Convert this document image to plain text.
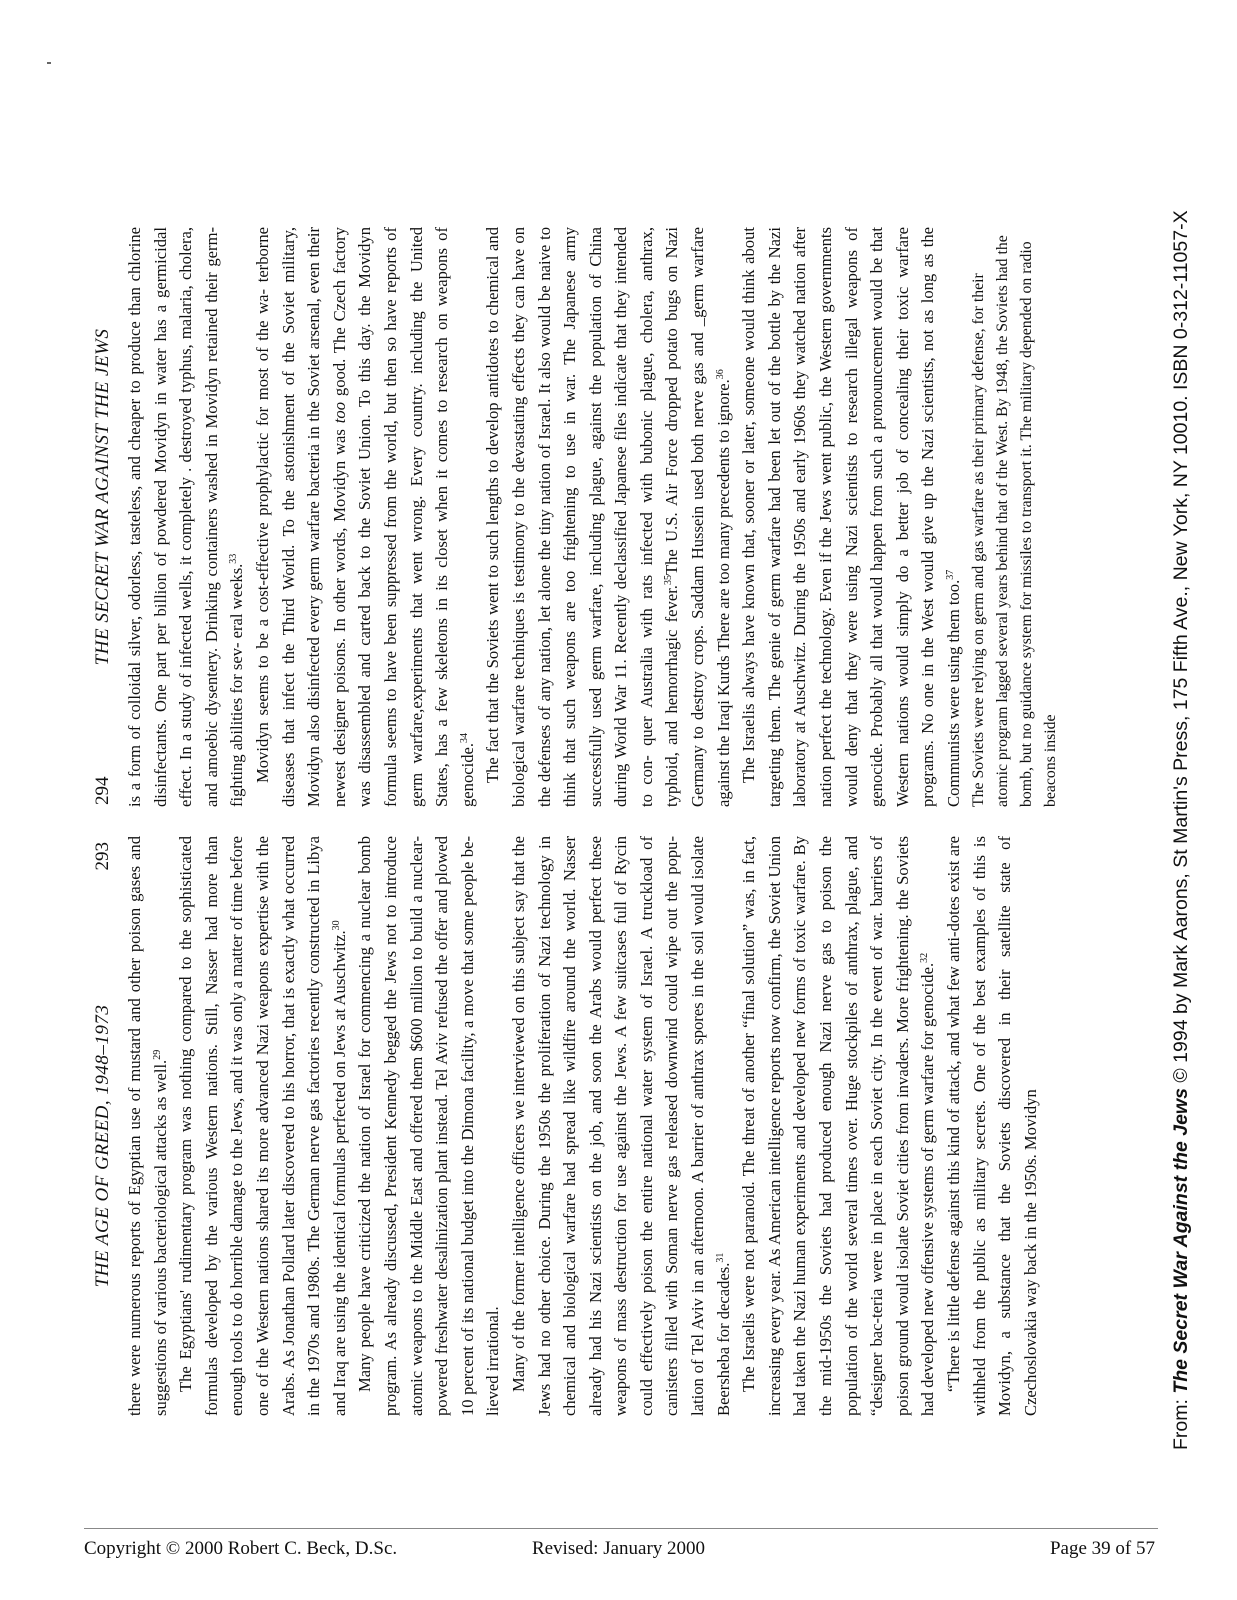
THE AGE OF GREED, 1948–1973
293 there were numerous reports of Egyptian use of mustard and other poison gases and suggestions of various bacteriological attacks as well.$^{29}$ The Egyptians' rudimentary program was nothing compared to the sophisticated formulas developed by the various Western nations. Still, Nasser had more than enough tools to do horrible damage to the Jews, and it was only a matter of time before one of the Western nations shared its more advanced Nazi weapons expertise with the Arabs. As Jonathan Pollard later discovered to his horror, that is exactly what occurred in the 1970s and 1980s. The German nerve gas factories recently constructed in Libya and Iraq are using the identical formulas perfected on Jews at Auschwitz.$^{30}$ Many people have criticized the nation of Israel for commencing a nuclear bomb program. As already discussed, President Kennedy begged the Jews not to introduce atomic weapons to the Middle East and offered them $600 million to build a nuclear-powered freshwater desalinization plant instead. Tel Aviv refused the offer and plowed 10 percent of its national budget into the Dimona facility, a move that some people be-lieved irrational. Many of the former intelligence officers we interviewed on this subject say that the Jews had no other choice. During the 1950s the proliferation of Nazi technology in chemical and biological warfare had spread like wildfire around the world. Nasser already had his Nazi scientists on the job, and soon the Arabs would perfect these weapons of mass destruction for use against the Jews. A few suitcases full of Rycin could effectively poison the entire national water system of Israel. A truckload of canisters filled with Soman nerve gas released downwind could wipe out the popu-lation of Tel Aviv in an afternoon. A barrier of anthrax spores in the soil would isolate Beersheba for decades.$^{31}$ The Israelis were not paranoid. The threat of another “final solution” was, in fact, increasing every year. As American intelligence reports now confirm, the Soviet Union had taken the Nazi human experiments and developed new forms of toxic warfare. By the mid-1950s the Soviets had produced enough Nazi nerve gas to poison the population of the world several times over. Huge stockpiles of anthrax, plague, and “designer bac-teria were in place in each Soviet city. In the event of war. barriers of poison ground would isolate Soviet cities from invaders. More frightening. the Soviets had developed new offensive systems of germ warfare for genocide.$^{32}$ “There is little defense against this kind of attack, and what few anti-dotes exist are withheld from the public as military secrets. One of the best examples of this is Movidyn, a substance that the Soviets discovered in their satellite state of Czechoslovakia way back in the 1950s. Movidyn

294
THE SECRET WAR AGAINST THE JEWS is a form of colloidal silver, odorless, tasteless, and cheaper to produce than chlorine disinfectants. One part per billion of powdered Movidyn in water has a germicidal effect. In a study of infected wells, it completely . destroyed typhus, malaria, cholera, and amoebic dysentery. Drinking containers washed in Movidyn retained their germ-fighting abilities for sev- eral weeks.$^{33}$ Movidyn seems to be a cost-effective prophylactic for most of the wa- terborne diseases that infect the Third World. To the astonishment of the Soviet military, Movidyn also disinfected every germ warfare bacteria in the Soviet arsenal, even their newest designer poisons. In other words, Movidyn was too good. The Czech factory was disassembled and carted back to the Soviet Union. To this day. the Movidyn formula seems to have been suppressed from the world, but then so have reports of germ warfare,experiments that went wrong. Every country. including the United States, has a few skeletons in its closet when it comes to research on weapons of genocide.$^{34}$ The fact that the Soviets went to such lengths to develop antidotes to chemical and biological warfare techniques is testimony to the devastating effects they can have on the defenses of any nation, let alone the tiny nation of Israel. It also would be naive to think that such weapons are too frightening to use in war. The Japanese army successfully used germ warfare, including plague, against the population of China during World War 11. Recently declassified Japanese files indicate that they intended to con- quer Australia with rats infected with bubonic plague, cholera, anthrax, typhoid, and hemorrhagic fever.$^{35}$The U.S. Air Force dropped potato bugs on Nazi Germany to destroy crops. Saddam Hussein used both nerve gas and _germ warfare against the Iraqi Kurds There are too many precedents to ignore.$^{36}$ The Israelis always have known that, sooner or later, someone would think about targeting them. The genie of germ warfare had been let out of the bottle by the Nazi laboratory at Auschwitz. During the 1950s and early 1960s they watched nation after nation perfect the technology. Even if the Jews went public, the Western governments would deny that they were using Nazi scientists to research illegal weapons of genocide. Probably all that would happen from such a pronouncement would be that Western nations would simply do a better job of concealing their toxic warfare programs. No one in the West would give up the Nazi scientists, not as long as the Communists were using them too.$^{37}$ The Soviets were relying on germ and gas warfare as their primary defense, for their atomic program lagged several years behind that of the West. By 1948, the Soviets had the bomb, but no guidance system for missiles to transport it. The military depended on radio beacons inside

From: The Secret War Against the Jews © 1994 by Mark Aarons, St Martin's Press, 175 Fifth Ave., New York, NY 10010. ISBN 0-312-11057-X
Copyright © 2000 Robert C. Beck, D.Sc.	Revised: January 2000	Page 39 of 57
